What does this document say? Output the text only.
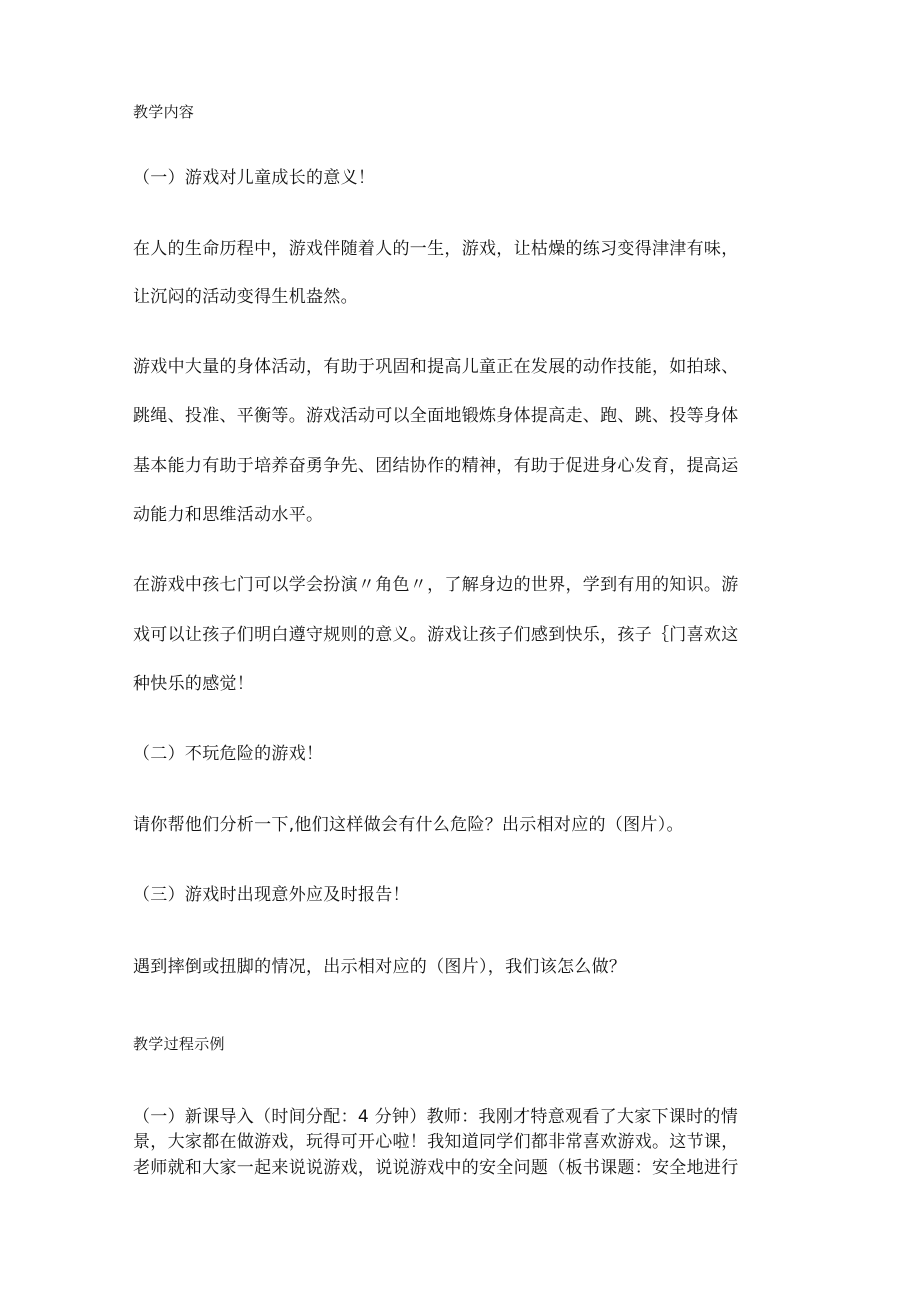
教学内容
（一）游戏对儿童成长的意义！
在人的生命历程中，游戏伴随着人的一生，游戏，让枯燥的练习变得津津有味，
让沉闷的活动变得生机盎然。
游戏中大量的身体活动，有助于巩固和提高儿童正在发展的动作技能，如拍球、
跳绳、投准、平衡等。游戏活动可以全面地锻炼身体提高走、跑、跳、投等身体
基本能力有助于培养奋勇争先、团结协作的精神，有助于促进身心发育，提高运
动能力和思维活动水平。
在游戏中孩七门可以学会扮演〃角色〃，了解身边的世界，学到有用的知识。游
戏可以让孩子们明白遵守规则的意义。游戏让孩子们感到快乐，孩子｛门喜欢这
种快乐的感觉！
（二）不玩危险的游戏！
请你帮他们分析一下,他们这样做会有什么危险？出示相对应的（图片）。
（三）游戏时出现意外应及时报告！
遇到摔倒或扭脚的情况，出示相对应的（图片），我们该怎么做？
教学过程示例
（一）新课导入（时间分配：4 分钟）教师：我刚才特意观看了大家下课时的情
景，大家都在做游戏，玩得可开心啦！我知道同学们都非常喜欢游戏。这节课，
老师就和大家一起来说说游戏，说说游戏中的安全问题（板书课题：安全地进行
